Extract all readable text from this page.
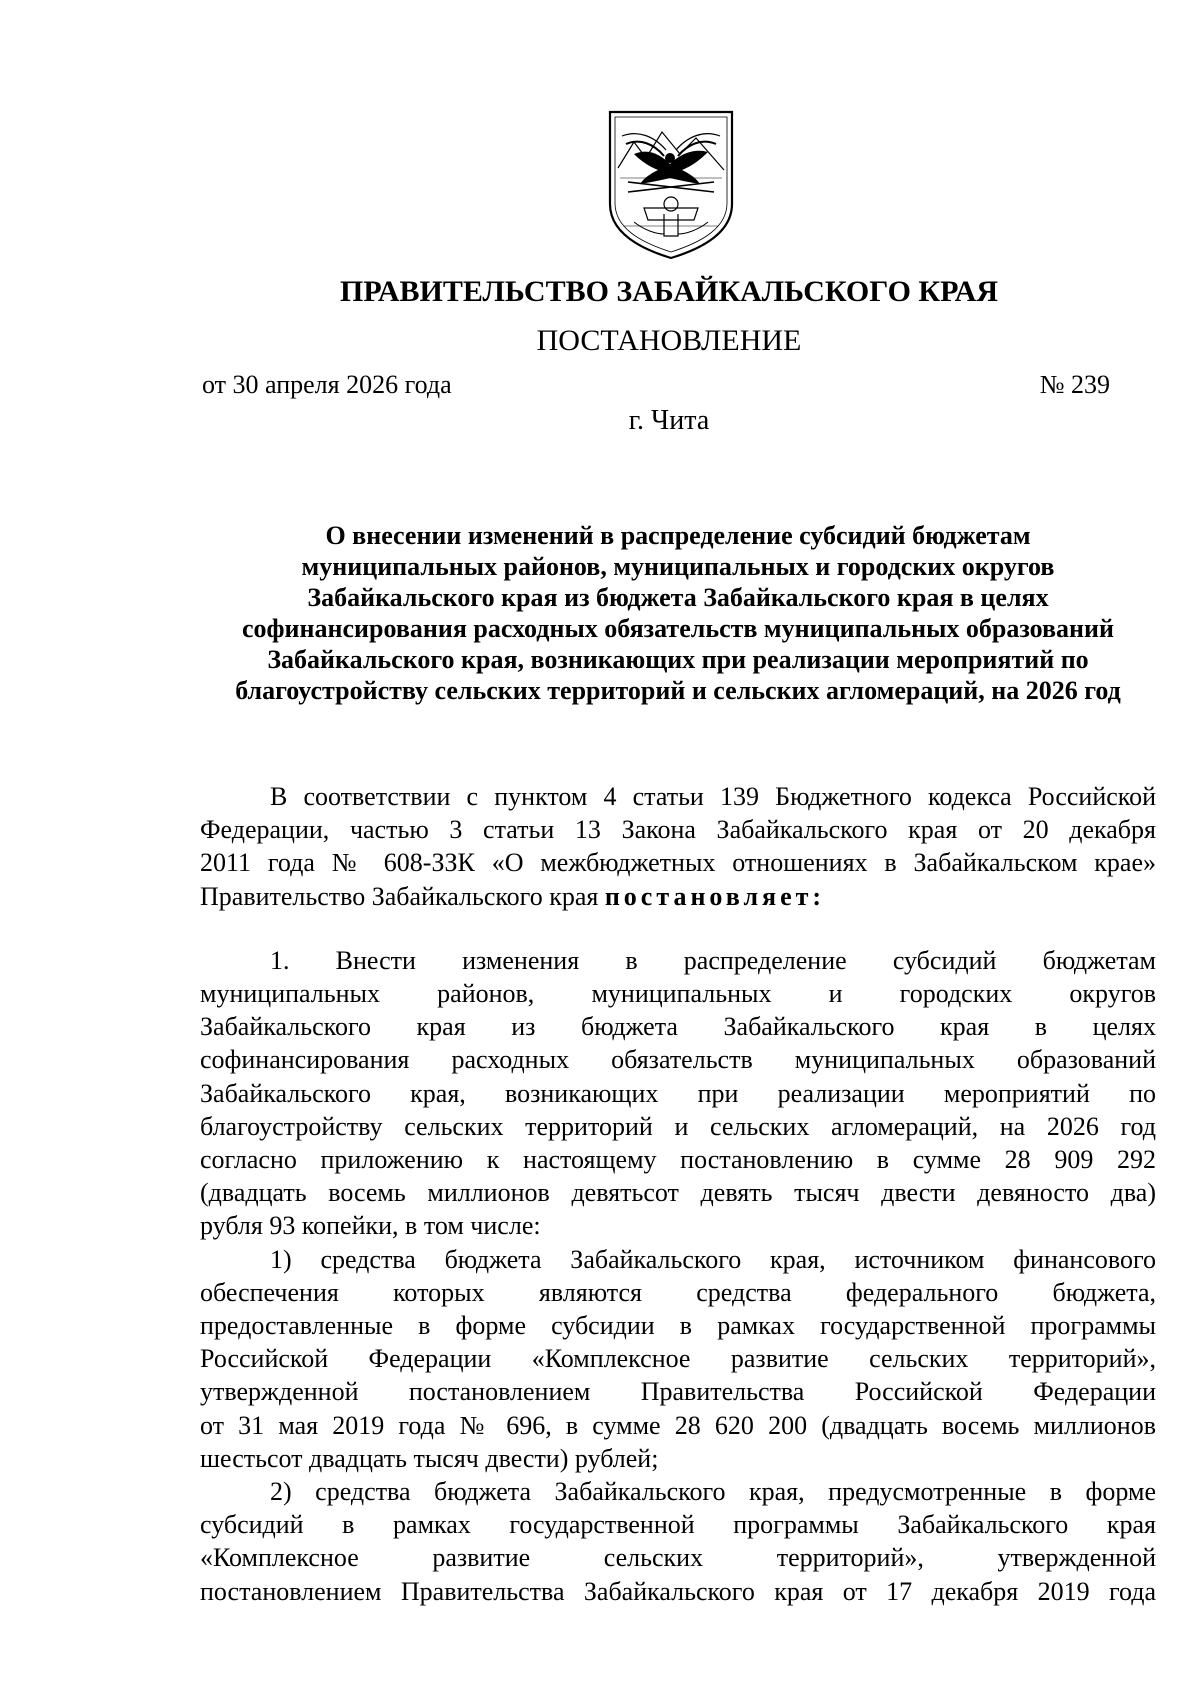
ПРАВИТЕЛЬСТВО ЗАБАЙКАЛЬСКОГО КРАЯ
ПОСТАНОВЛЕНИЕ
от 30 апреля 2026 года	№ 239
г. Чита
О внесении изменений в распределение субсидий бюджетам
муниципальных районов, муниципальных и городских округов
Забайкальского края из бюджета Забайкальского края в целях
софинансирования расходных обязательств муниципальных образований
Забайкальского края, возникающих при реализации мероприятий по
благоустройству сельских территорий и сельских агломераций, на 2026 год
В соответствии с пунктом 4 статьи 139 Бюджетного кодекса Российской
Федерации, частью 3 статьи 13 Закона Забайкальского края от 20 декабря
2011 года № 608-ЗЗК «О межбюджетных отношениях в Забайкальском крае»
Правительство Забайкальского края постановляет:
1. Внести изменения в распределение субсидий бюджетам
муниципальных районов, муниципальных и городских округов
Забайкальского края из бюджета Забайкальского края в целях
софинансирования расходных обязательств муниципальных образований
Забайкальского края, возникающих при реализации мероприятий по
благоустройству сельских территорий и сельских агломераций, на 2026 год
согласно приложению к настоящему постановлению в сумме 28 909 292
(двадцать восемь миллионов девятьсот девять тысяч двести девяносто два)
рубля 93 копейки, в том числе:
1) средства бюджета Забайкальского края, источником финансового
обеспечения которых являются средства федерального бюджета,
предоставленные в форме субсидии в рамках государственной программы
Российской Федерации «Комплексное развитие сельских территорий»,
утвержденной постановлением Правительства Российской Федерации
от 31 мая 2019 года № 696, в сумме 28 620 200 (двадцать восемь миллионов
шестьсот двадцать тысяч двести) рублей;
2) средства бюджета Забайкальского края, предусмотренные в форме
субсидий в рамках государственной программы Забайкальского края
«Комплексное развитие сельских территорий», утвержденной
постановлением Правительства Забайкальского края от 17 декабря 2019 года
